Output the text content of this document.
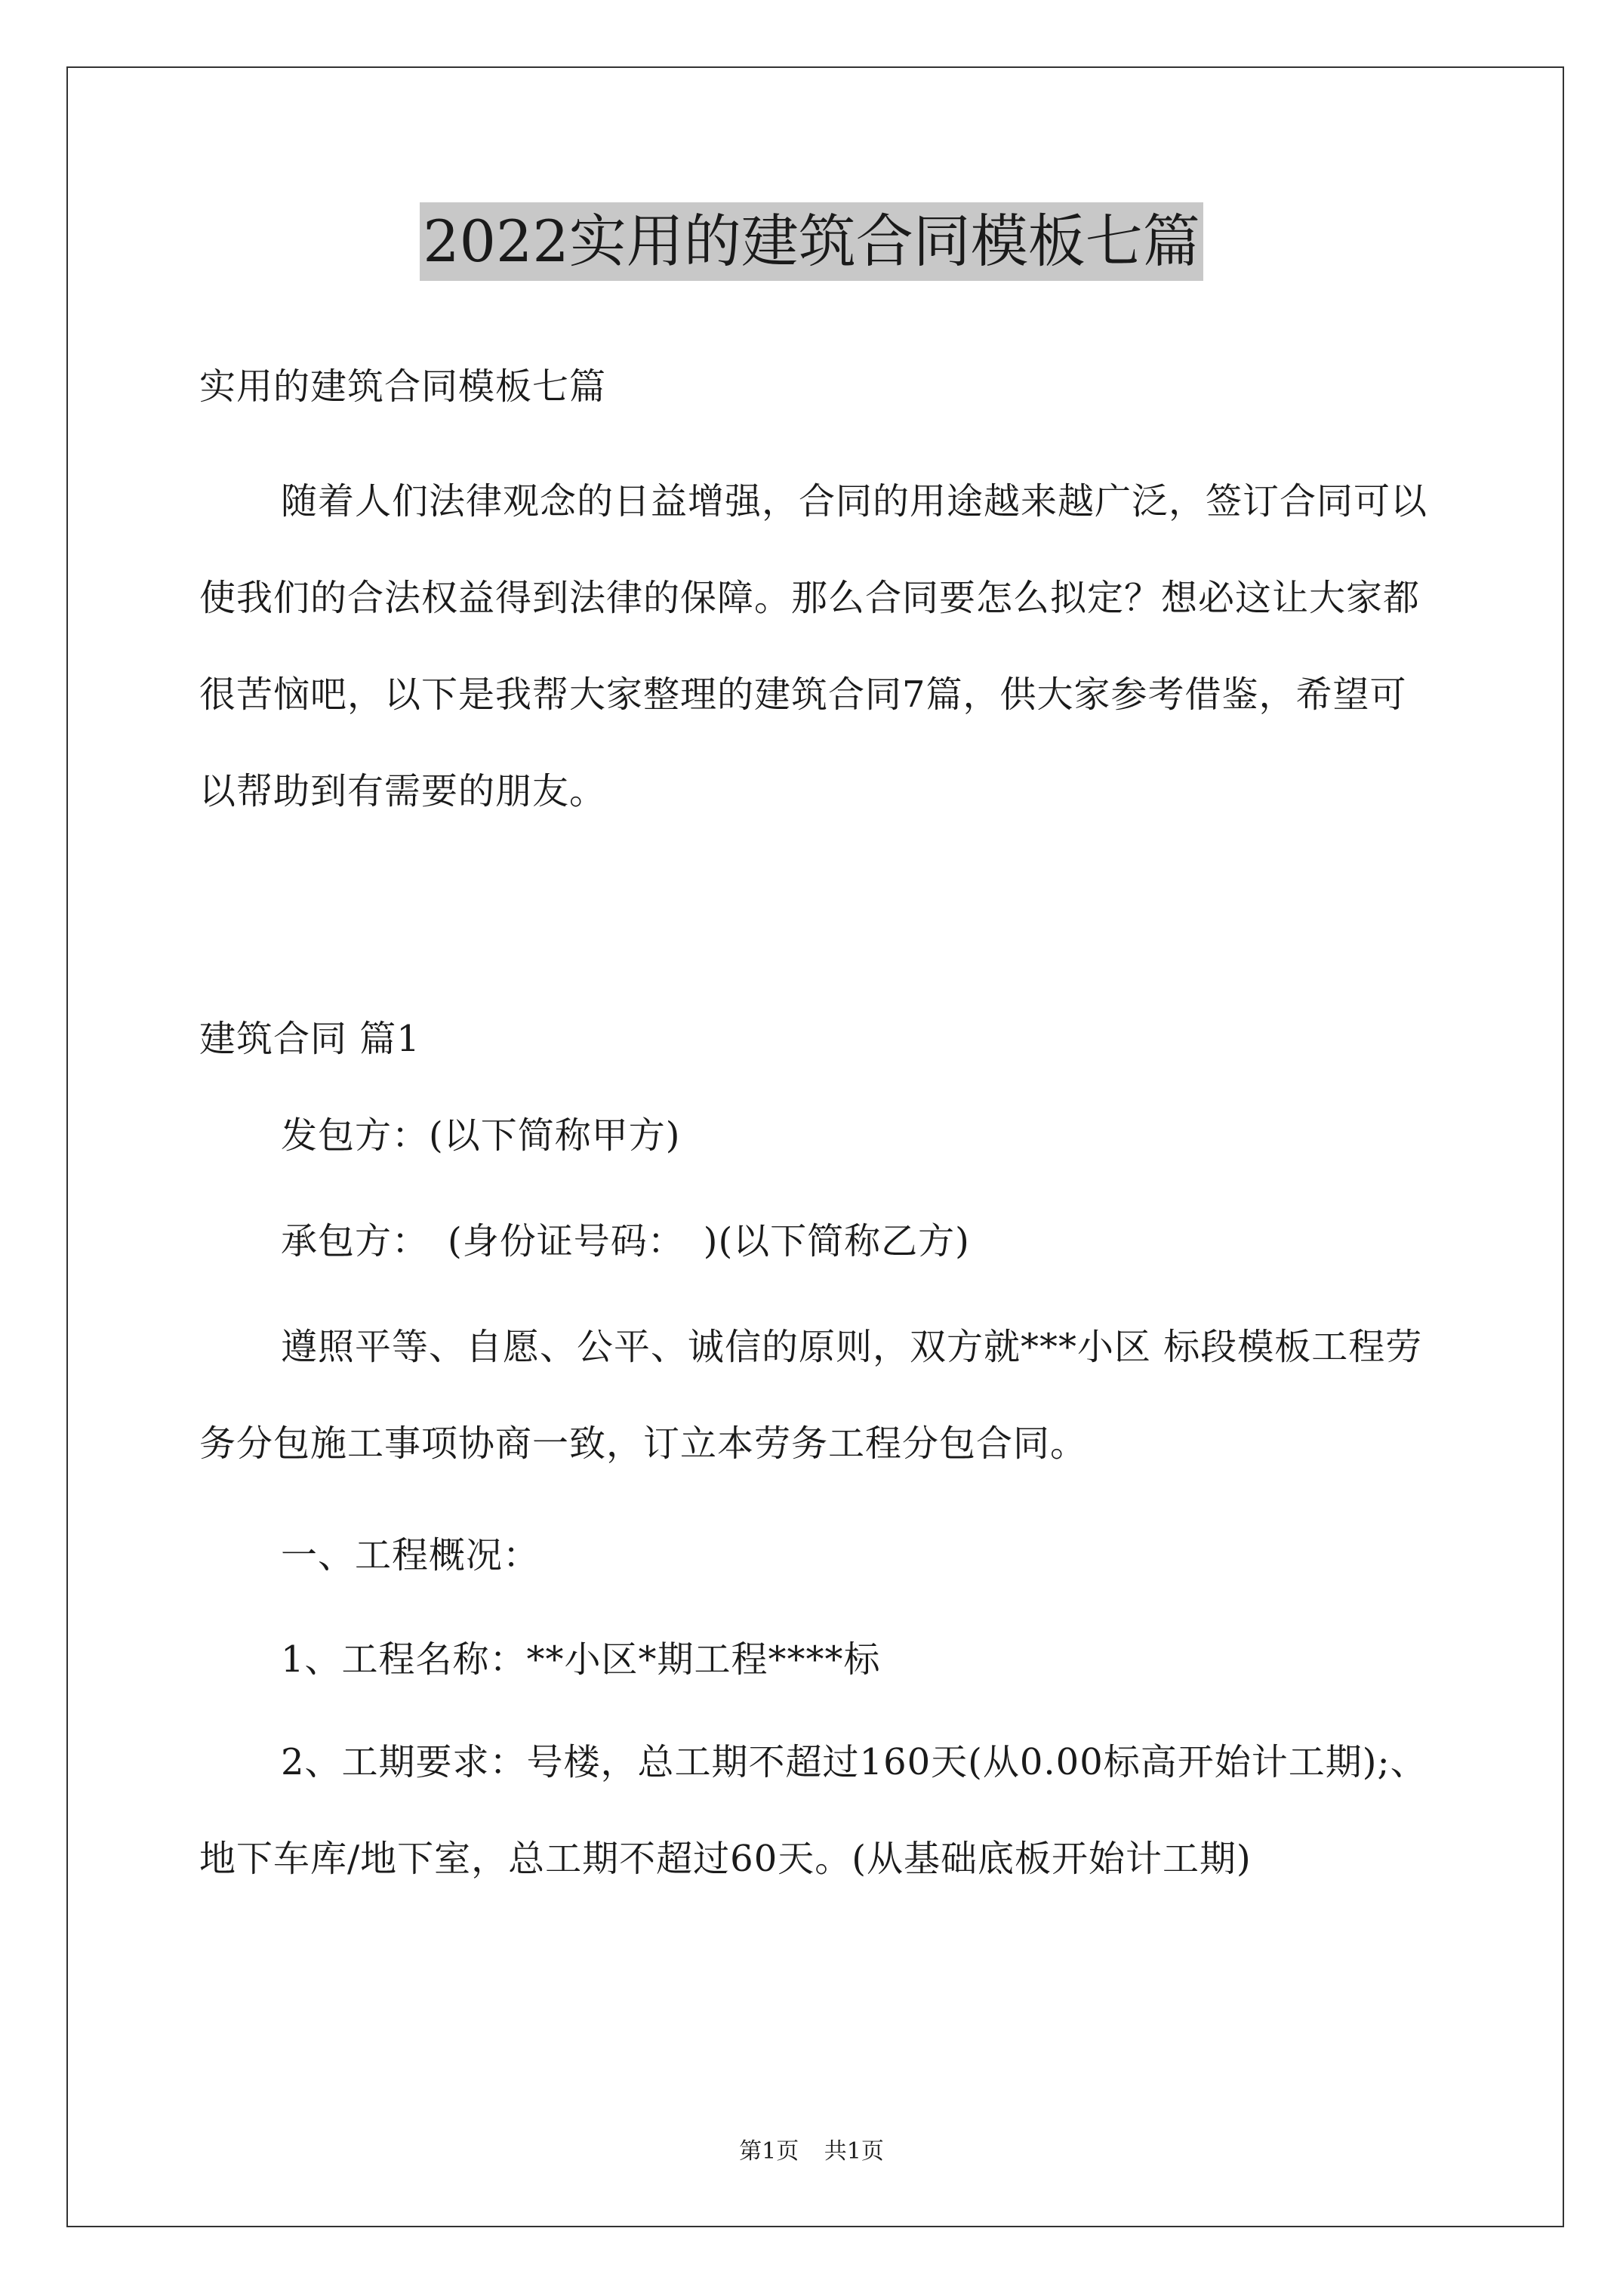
2022实用的建筑合同模板七篇

实用的建筑合同模板七篇

随着人们法律观念的日益增强，合同的用途越来越广泛，签订合同可以使我们的合法权益得到法律的保障。那么合同要怎么拟定？想必这让大家都很苦恼吧，以下是我帮大家整理的建筑合同7篇，供大家参考借鉴，希望可以帮助到有需要的朋友。

建筑合同 篇1

发包方：(以下简称甲方)

承包方：　(身份证号码：　)(以下简称乙方)

遵照平等、自愿、公平、诚信的原则，双方就***小区 标段模板工程劳务分包施工事项协商一致，订立本劳务工程分包合同。

一、工程概况：

1、工程名称：**小区*期工程****标

2、工期要求：号楼，总工期不超过160天(从0.00标高开始计工期);、地下车库/地下室，总工期不超过60天。(从基础底板开始计工期)

第1页 共1页
